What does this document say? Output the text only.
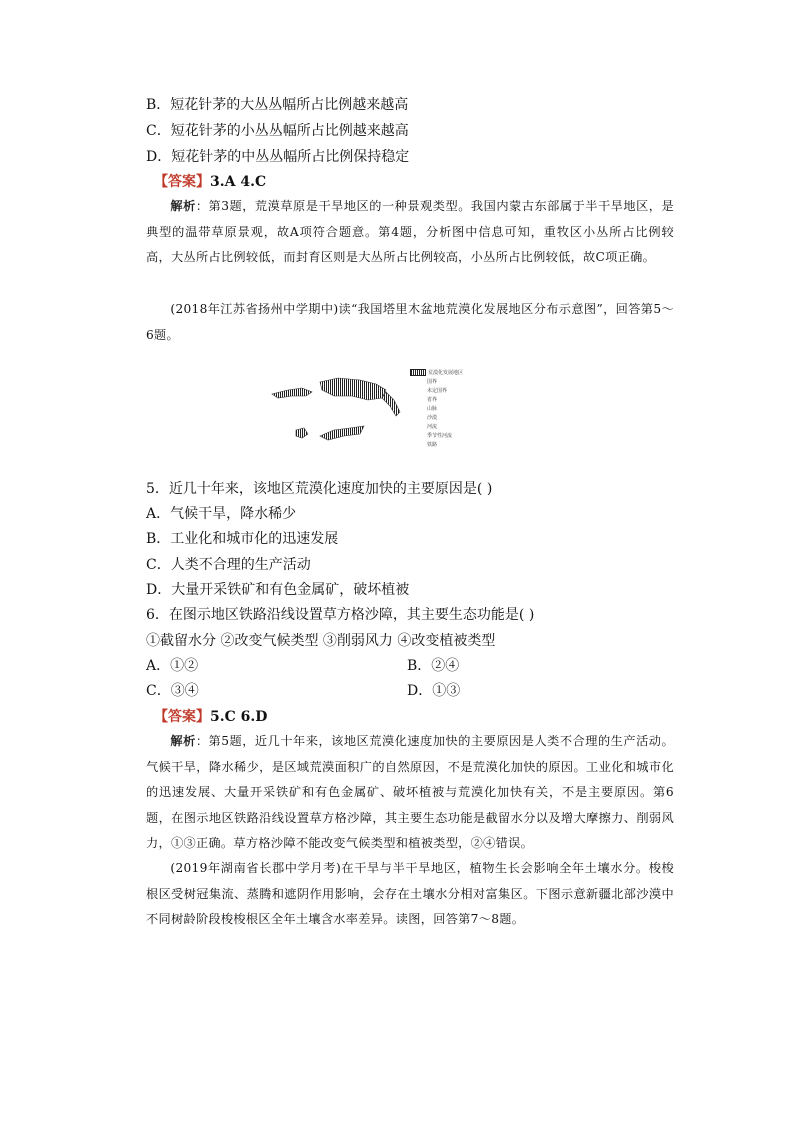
B．短花针茅的大丛丛幅所占比例越来越高
C．短花针茅的小丛丛幅所占比例越来越高
D．短花针茅的中丛丛幅所占比例保持稳定
【答案】3.A 4.C
解析：第3题，荒漠草原是干旱地区的一种景观类型。我国内蒙古东部属于半干旱地区，是典型的温带草原景观，故A项符合题意。第4题，分析图中信息可知，重牧区小丛所占比例较高，大丛所占比例较低，而封育区则是大丛所占比例较高，小丛所占比例较低，故C项正确。
(2018年江苏省扬州中学期中)读“我国塔里木盆地荒漠化发展地区分布示意图”，回答第5～6题。
荒漠化发展地区
国界
未定国界
省界
山脉
沙漠
河流
季节性河流
铁路
5．近几十年来，该地区荒漠化速度加快的主要原因是( )
A．气候干旱，降水稀少
B．工业化和城市化的迅速发展
C．人类不合理的生产活动
D．大量开采铁矿和有色金属矿，破坏植被
6．在图示地区铁路沿线设置草方格沙障，其主要生态功能是( )
①截留水分 ②改变气候类型 ③削弱风力 ④改变植被类型
A．①②	B．②④
C．③④	D．①③
【答案】5.C 6.D
解析：第5题，近几十年来，该地区荒漠化速度加快的主要原因是人类不合理的生产活动。气候干旱，降水稀少，是区域荒漠面积广的自然原因，不是荒漠化加快的原因。工业化和城市化的迅速发展、大量开采铁矿和有色金属矿、破坏植被与荒漠化加快有关，不是主要原因。第6题，在图示地区铁路沿线设置草方格沙障，其主要生态功能是截留水分以及增大摩擦力、削弱风力，①③正确。草方格沙障不能改变气候类型和植被类型，②④错误。
(2019年湖南省长郡中学月考)在干旱与半干旱地区，植物生长会影响全年土壤水分。梭梭根区受树冠集流、蒸腾和遮阴作用影响，会存在土壤水分相对富集区。下图示意新疆北部沙漠中不同树龄阶段梭梭根区全年土壤含水率差异。读图，回答第7～8题。
